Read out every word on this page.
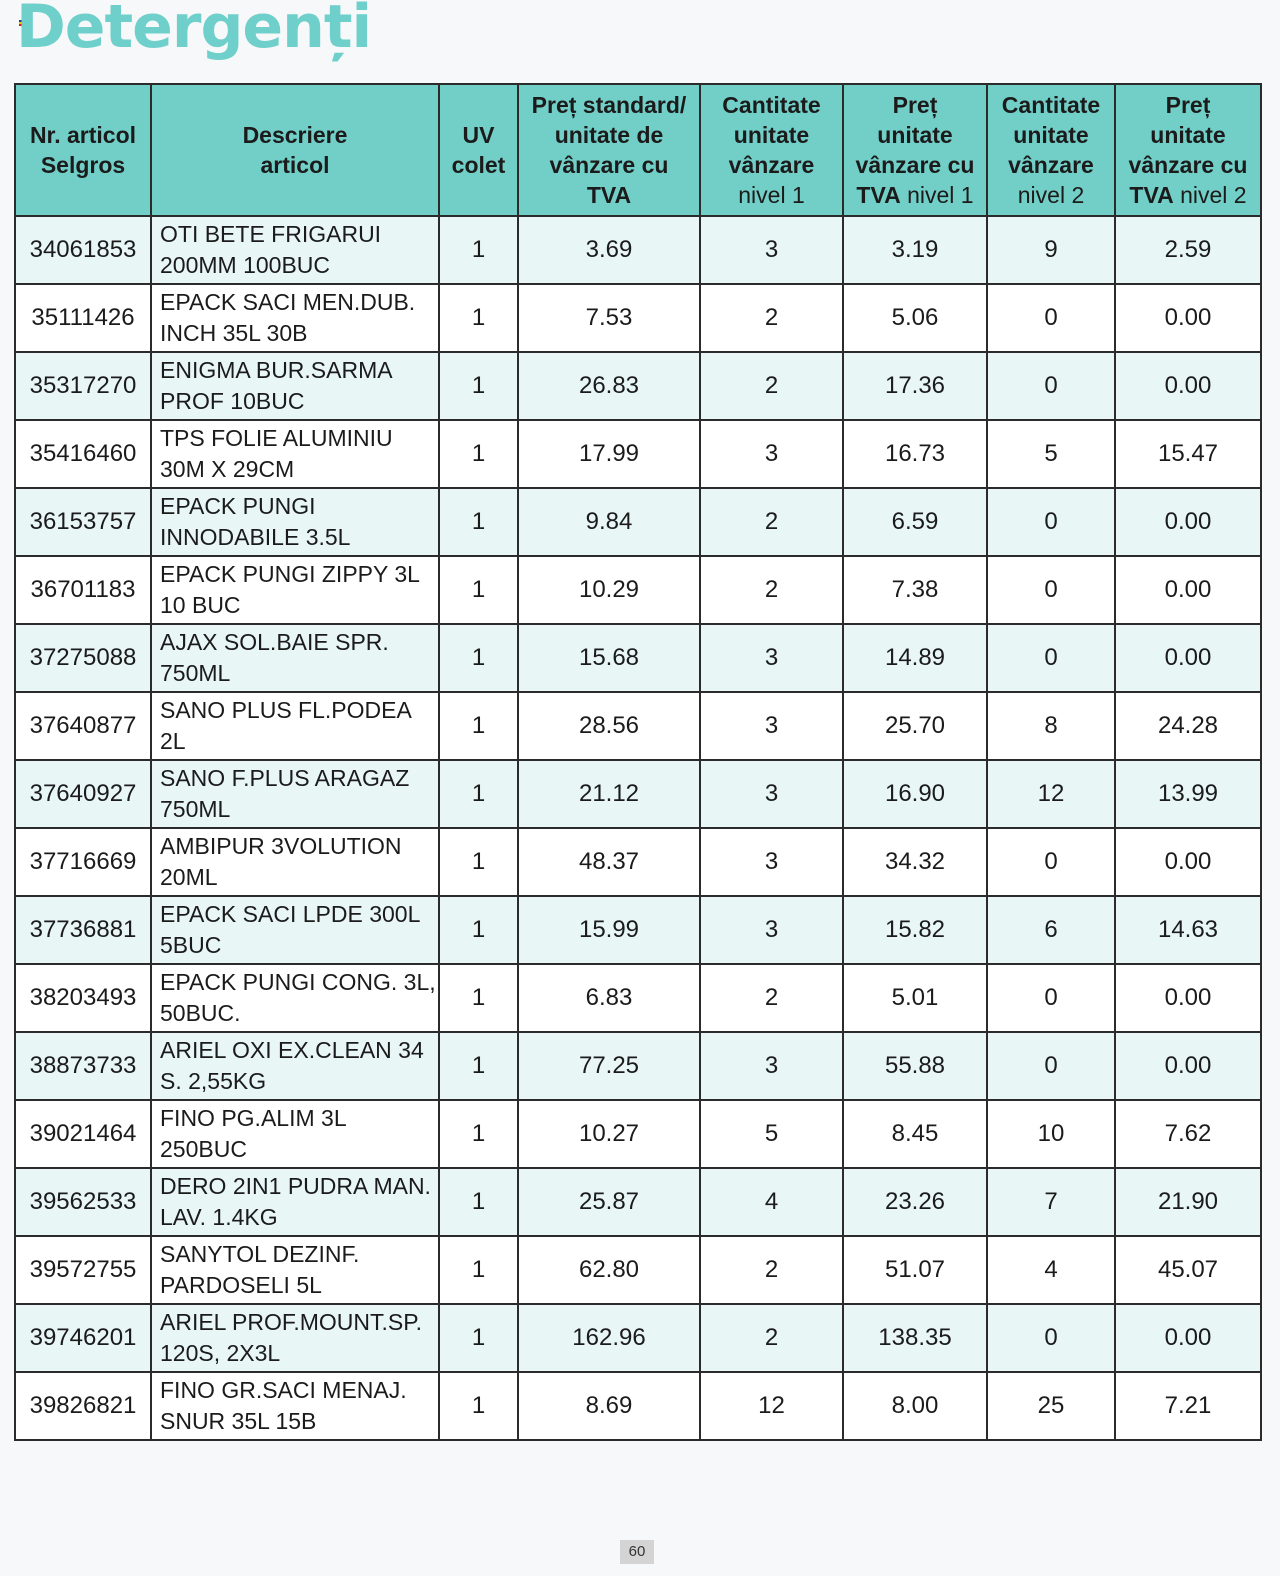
Detergenți
Nr. articol
Selgros	Descriere
articol	UV
colet	Preț standard/
unitate de
vânzare cu
TVA	Cantitate
unitate
vânzare
nivel 1	Preț
unitate
vânzare cu
TVA nivel 1	Cantitate
unitate
vânzare
nivel 2	Preț
unitate
vânzare cu
TVA nivel 2
34061853	OTI BETE FRIGARUI
200MM 100BUC	1	3.69	3	3.19	9	2.59
35111426	EPACK SACI MEN.DUB.
INCH 35L 30B	1	7.53	2	5.06	0	0.00
35317270	ENIGMA BUR.SARMA
PROF 10BUC	1	26.83	2	17.36	0	0.00
35416460	TPS FOLIE ALUMINIU
30M X 29CM	1	17.99	3	16.73	5	15.47
36153757	EPACK PUNGI
INNODABILE 3.5L	1	9.84	2	6.59	0	0.00
36701183	EPACK PUNGI ZIPPY 3L
10 BUC	1	10.29	2	7.38	0	0.00
37275088	AJAX SOL.BAIE SPR.
750ML	1	15.68	3	14.89	0	0.00
37640877	SANO PLUS FL.PODEA
2L	1	28.56	3	25.70	8	24.28
37640927	SANO F.PLUS ARAGAZ
750ML	1	21.12	3	16.90	12	13.99
37716669	AMBIPUR 3VOLUTION
20ML	1	48.37	3	34.32	0	0.00
37736881	EPACK SACI LPDE 300L
5BUC	1	15.99	3	15.82	6	14.63
38203493	EPACK PUNGI CONG. 3L,
50BUC.	1	6.83	2	5.01	0	0.00
38873733	ARIEL OXI EX.CLEAN 34
S. 2,55KG	1	77.25	3	55.88	0	0.00
39021464	FINO PG.ALIM 3L
250BUC	1	10.27	5	8.45	10	7.62
39562533	DERO 2IN1 PUDRA MAN.
LAV. 1.4KG	1	25.87	4	23.26	7	21.90
39572755	SANYTOL DEZINF.
PARDOSELI 5L	1	62.80	2	51.07	4	45.07
39746201	ARIEL PROF.MOUNT.SP.
120S, 2X3L	1	162.96	2	138.35	0	0.00
39826821	FINO GR.SACI MENAJ.
SNUR 35L 15B	1	8.69	12	8.00	25	7.21
60
